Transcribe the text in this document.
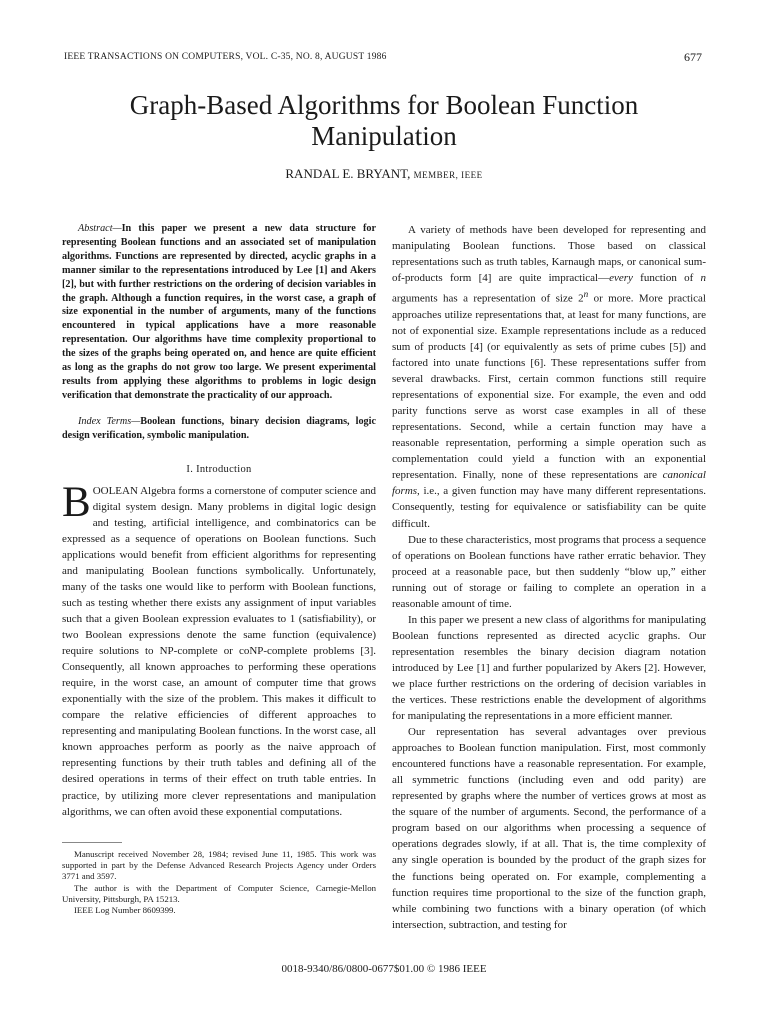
IEEE TRANSACTIONS ON COMPUTERS, VOL. C-35, NO. 8, AUGUST 1986	677
Graph-Based Algorithms for Boolean Function
Manipulation
RANDAL E. BRYANT, MEMBER, IEEE

Abstract—In this paper we present a new data structure for representing Boolean functions and an associated set of manipulation algorithms. Functions are represented by directed, acyclic graphs in a manner similar to the representations introduced by Lee [1] and Akers [2], but with further restrictions on the ordering of decision variables in the graph. Although a function requires, in the worst case, a graph of size exponential in the number of arguments, many of the functions encountered in typical applications have a more reasonable representation. Our algorithms have time complexity proportional to the sizes of the graphs being operated on, and hence are quite efficient as long as the graphs do not grow too large. We present experimental results from applying these algorithms to problems in logic design verification that demonstrate the practicality of our approach.

Index Terms—Boolean functions, binary decision diagrams, logic design verification, symbolic manipulation.

I. Introduction

BOOLEAN Algebra forms a cornerstone of computer science and digital system design. Many problems in digital logic design and testing, artificial intelligence, and combinatorics can be expressed as a sequence of operations on Boolean functions. Such applications would benefit from efficient algorithms for representing and manipulating Boolean functions symbolically. Unfortunately, many of the tasks one would like to perform with Boolean functions, such as testing whether there exists any assignment of input variables such that a given Boolean expression evaluates to 1 (satisfiability), or two Boolean expressions denote the same function (equivalence) require solutions to NP-complete or coNP-complete problems [3]. Consequently, all known approaches to performing these operations require, in the worst case, an amount of computer time that grows exponentially with the size of the problem. This makes it difficult to compare the relative efficiencies of different approaches to representing and manipulating Boolean functions. In the worst case, all known approaches perform as poorly as the naive approach of representing functions by their truth tables and defining all of the desired operations in terms of their effect on truth table entries. In practice, by utilizing more clever representations and manipulation algorithms, we can often avoid these exponential computations.

Manuscript received November 28, 1984; revised June 11, 1985. This work was supported in part by the Defense Advanced Research Projects Agency under Orders 3771 and 3597.

The author is with the Department of Computer Science, Carnegie-Mellon University, Pittsburgh, PA 15213.

IEEE Log Number 8609399.

A variety of methods have been developed for representing and manipulating Boolean functions. Those based on classical representations such as truth tables, Karnaugh maps, or canonical sum-of-products form [4] are quite impractical—every function of n arguments has a representation of size 2$^n$ or more. More practical approaches utilize representations that, at least for many functions, are not of exponential size. Example representations include as a reduced sum of products [4] (or equivalently as sets of prime cubes [5]) and factored into unate functions [6]. These representations suffer from several drawbacks. First, certain common functions still require representations of exponential size. For example, the even and odd parity functions serve as worst case examples in all of these representations. Second, while a certain function may have a reasonable representation, performing a simple operation such as complementation could yield a function with an exponential representation. Finally, none of these representations are canonical forms, i.e., a given function may have many different representations. Consequently, testing for equivalence or satisfiability can be quite difficult.

Due to these characteristics, most programs that process a sequence of operations on Boolean functions have rather erratic behavior. They proceed at a reasonable pace, but then suddenly “blow up,” either running out of storage or failing to complete an operation in a reasonable amount of time.

In this paper we present a new class of algorithms for manipulating Boolean functions represented as directed acyclic graphs. Our representation resembles the binary decision diagram notation introduced by Lee [1] and further popularized by Akers [2]. However, we place further restrictions on the ordering of decision variables in the vertices. These restrictions enable the development of algorithms for manipulating the representations in a more efficient manner.

Our representation has several advantages over previous approaches to Boolean function manipulation. First, most commonly encountered functions have a reasonable representation. For example, all symmetric functions (including even and odd parity) are represented by graphs where the number of vertices grows at most as the square of the number of arguments. Second, the performance of a program based on our algorithms when processing a sequence of operations degrades slowly, if at all. That is, the time complexity of any single operation is bounded by the product of the graph sizes for the functions being operated on. For example, complementing a function requires time proportional to the size of the function graph, while combining two functions with a binary operation (of which intersection, subtraction, and testing for

0018-9340/86/0800-0677$01.00 © 1986 IEEE
